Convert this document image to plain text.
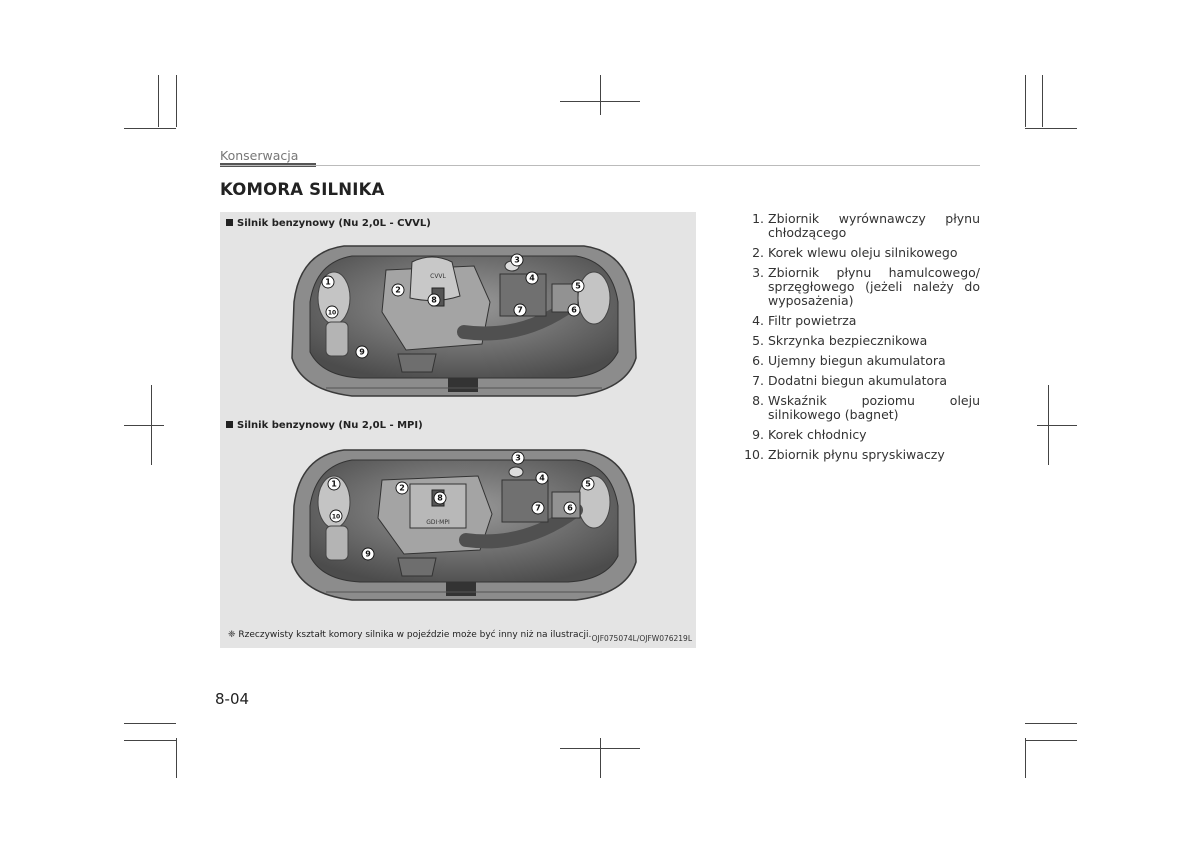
Konserwacja
KOMORA SILNIKA
Silnik benzynowy (Nu 2,0L - CVVL)
CVVL
1
2
3
4
5
6
7
8
9
10
Silnik benzynowy (Nu 2,0L - MPI)
GDI·MPI
1	2
3
4
5
6
7
8
9
10
❈ Rzeczywisty kształt komory silnika w pojeździe może być inny niż na ilustracji. OJF075074L/OJFW076219L
1. Zbiornik wyrównawczy płynu chłodzącego
2. Korek wlewu oleju silnikowego
3. Zbiornik płynu hamulcowego/ sprzęgłowego (jeżeli należy do wyposażenia)
4. Filtr powietrza
5. Skrzynka bezpiecznikowa
6. Ujemny biegun akumulatora
7. Dodatni biegun akumulatora
8. Wskaźnik poziomu oleju silnikowego (bagnet)
9. Korek chłodnicy
10. Zbiornik płynu spryskiwaczy
8-04
